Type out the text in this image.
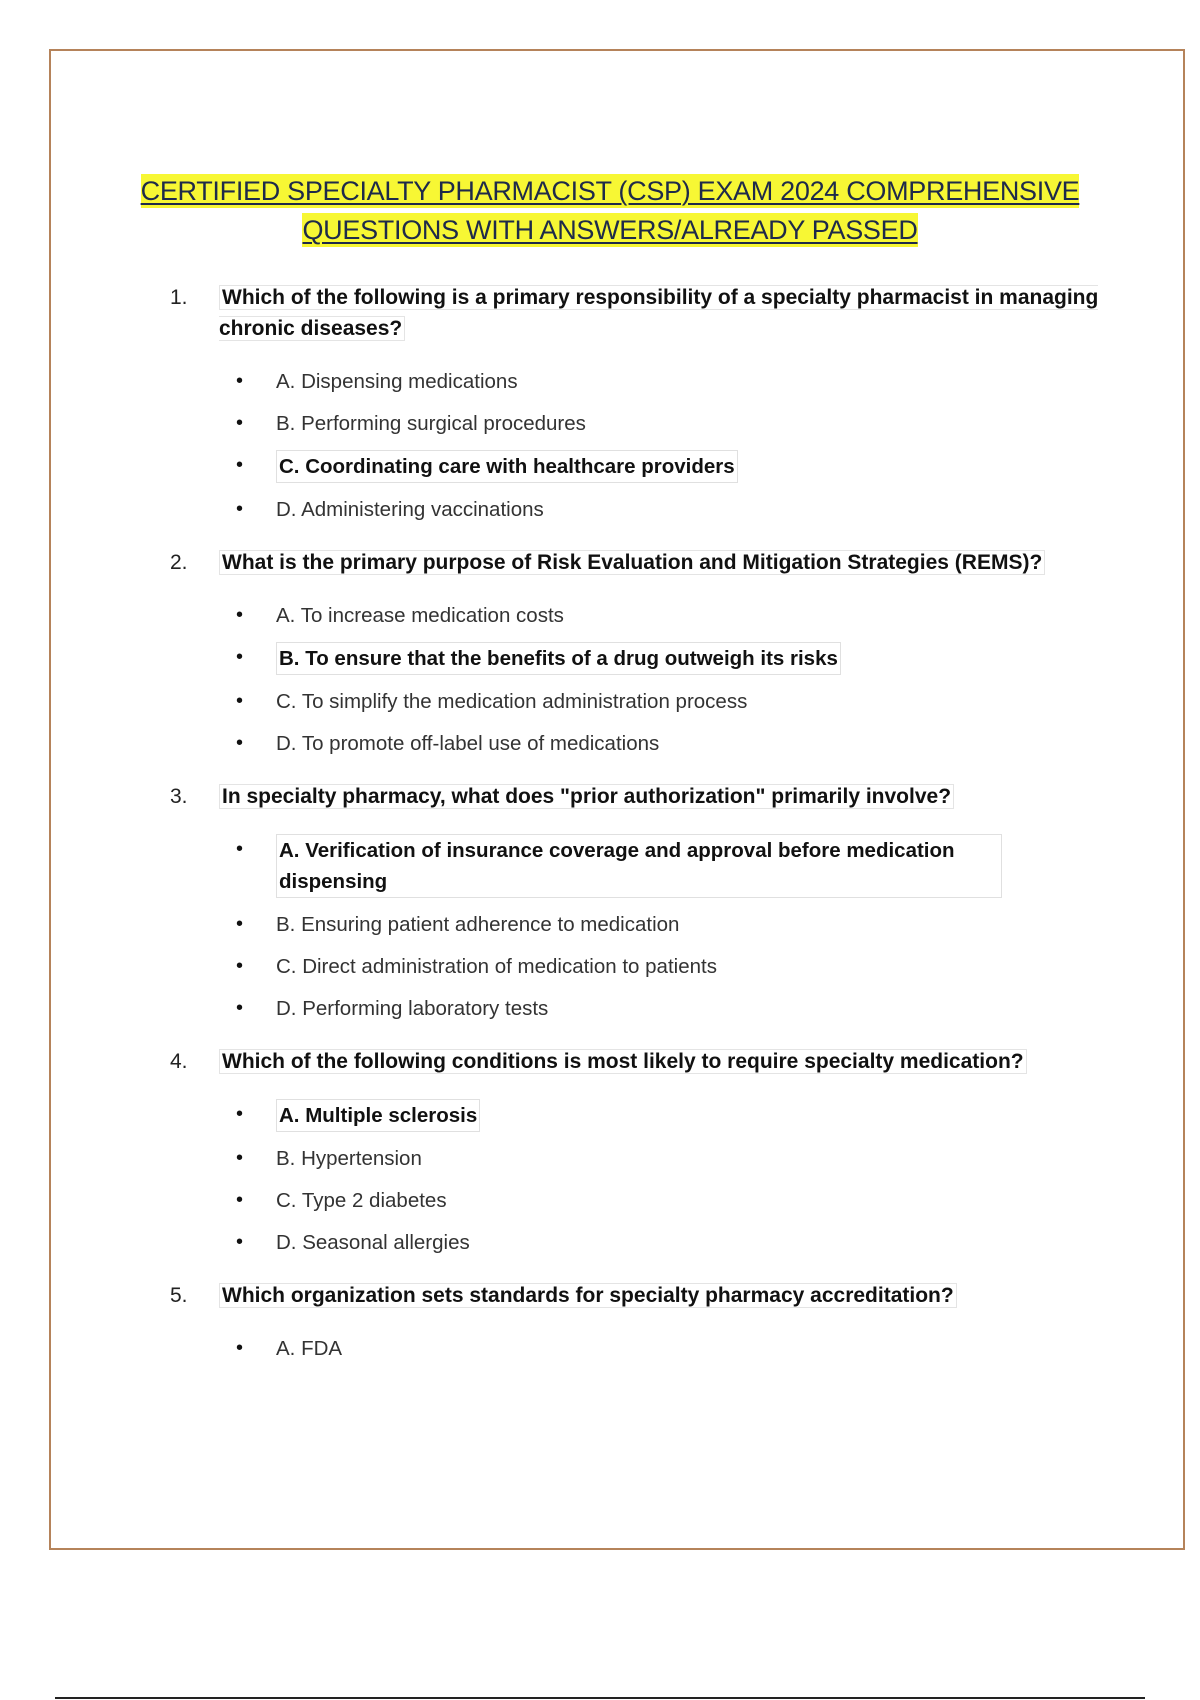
CERTIFIED SPECIALTY PHARMACIST (CSP) EXAM 2024 COMPREHENSIVE
QUESTIONS WITH ANSWERS/ALREADY PASSED
1.	Which of the following is a primary responsibility of a specialty pharmacist in managing chronic diseases?
•	A. Dispensing medications
•	B. Performing surgical procedures
•	C. Coordinating care with healthcare providers
•	D. Administering vaccinations
2.	What is the primary purpose of Risk Evaluation and Mitigation Strategies (REMS)?
•	A. To increase medication costs
•	B. To ensure that the benefits of a drug outweigh its risks
•	C. To simplify the medication administration process
•	D. To promote off-label use of medications
3.	In specialty pharmacy, what does "prior authorization" primarily involve?
•	A. Verification of insurance coverage and approval before medication dispensing
•	B. Ensuring patient adherence to medication
•	C. Direct administration of medication to patients
•	D. Performing laboratory tests
4.	Which of the following conditions is most likely to require specialty medication?
•	A. Multiple sclerosis
•	B. Hypertension
•	C. Type 2 diabetes
•	D. Seasonal allergies
5.	Which organization sets standards for specialty pharmacy accreditation?
•	A. FDA
